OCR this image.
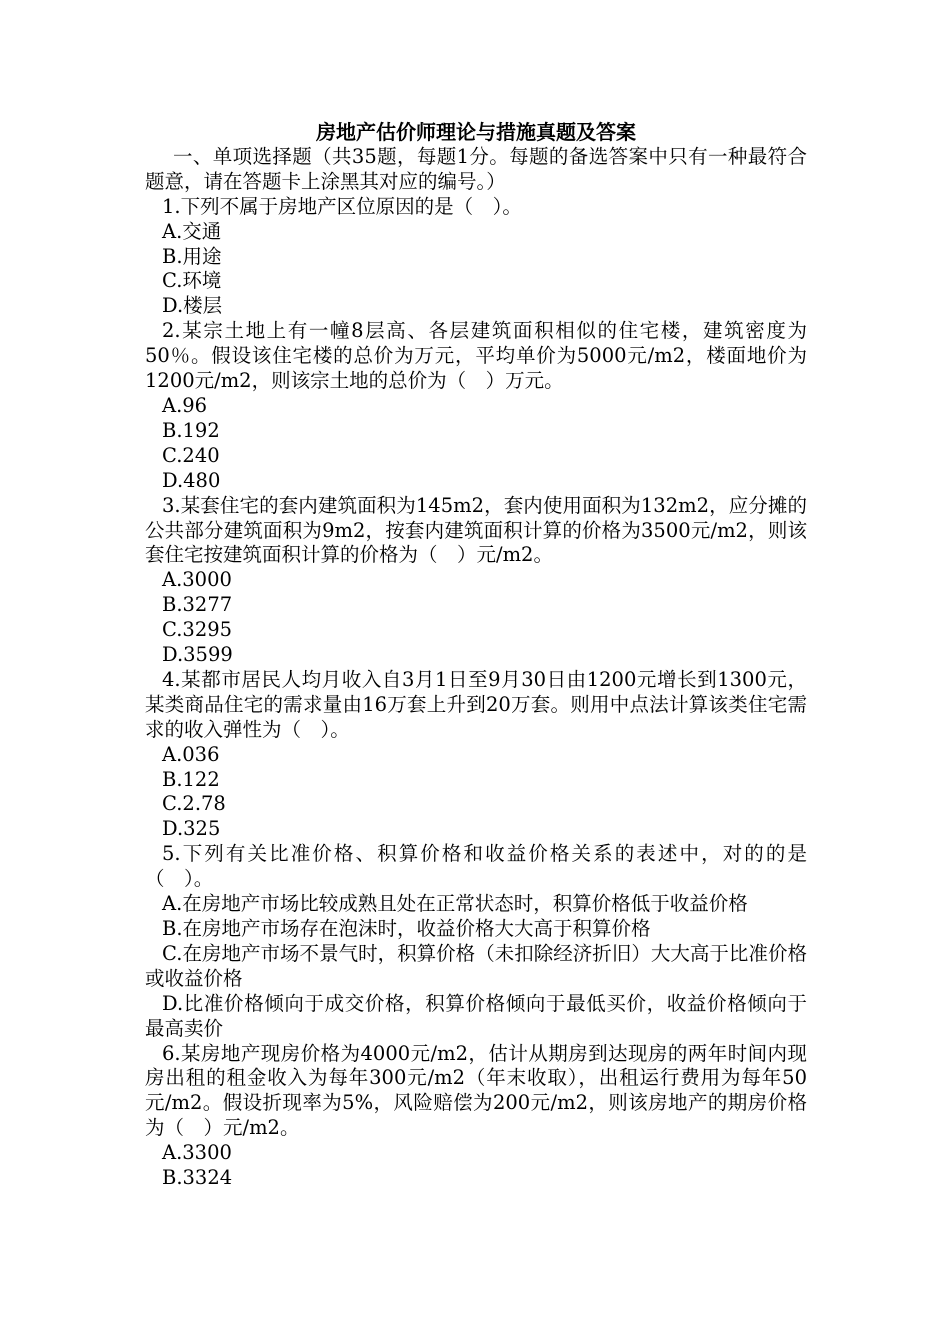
房地产估价师理论与措施真题及答案

一、单项选择题（共35题，每题1分。每题的备选答案中只有一种最符合题意，请在答题卡上涂黑其对应的编号。）

1.下列不属于房地产区位原因的是（　）。

A.交通

B.用途

C.环境

D.楼层

2.某宗土地上有一幢8层高、各层建筑面积相似的住宅楼，建筑密度为50％。假设该住宅楼的总价为万元，平均单价为5000元/m2，楼面地价为1200元/m2，则该宗土地的总价为（　）万元。

A.96

B.192

C.240

D.480

3.某套住宅的套内建筑面积为145m2，套内使用面积为132m2，应分摊的公共部分建筑面积为9m2，按套内建筑面积计算的价格为3500元/m2，则该套住宅按建筑面积计算的价格为（　）元/m2。

A.3000

B.3277

C.3295

D.3599

4.某都市居民人均月收入自3月1日至9月30日由1200元增长到1300元，某类商品住宅的需求量由16万套上升到20万套。则用中点法计算该类住宅需求的收入弹性为（　）。

A.036

B.122

C.2.78

D.325

5.下列有关比准价格、积算价格和收益价格关系的表述中，对的的是（　）。

A.在房地产市场比较成熟且处在正常状态时，积算价格低于收益价格

B.在房地产市场存在泡沫时，收益价格大大高于积算价格

C.在房地产市场不景气时，积算价格（未扣除经济折旧）大大高于比准价格或收益价格

D.比准价格倾向于成交价格，积算价格倾向于最低买价，收益价格倾向于最高卖价

6.某房地产现房价格为4000元/m2，估计从期房到达现房的两年时间内现房出租的租金收入为每年300元/m2（年末收取），出租运行费用为每年50元/m2。假设折现率为5%，风险赔偿为200元/m2，则该房地产的期房价格为（　）元/m2。

A.3300

B.3324
